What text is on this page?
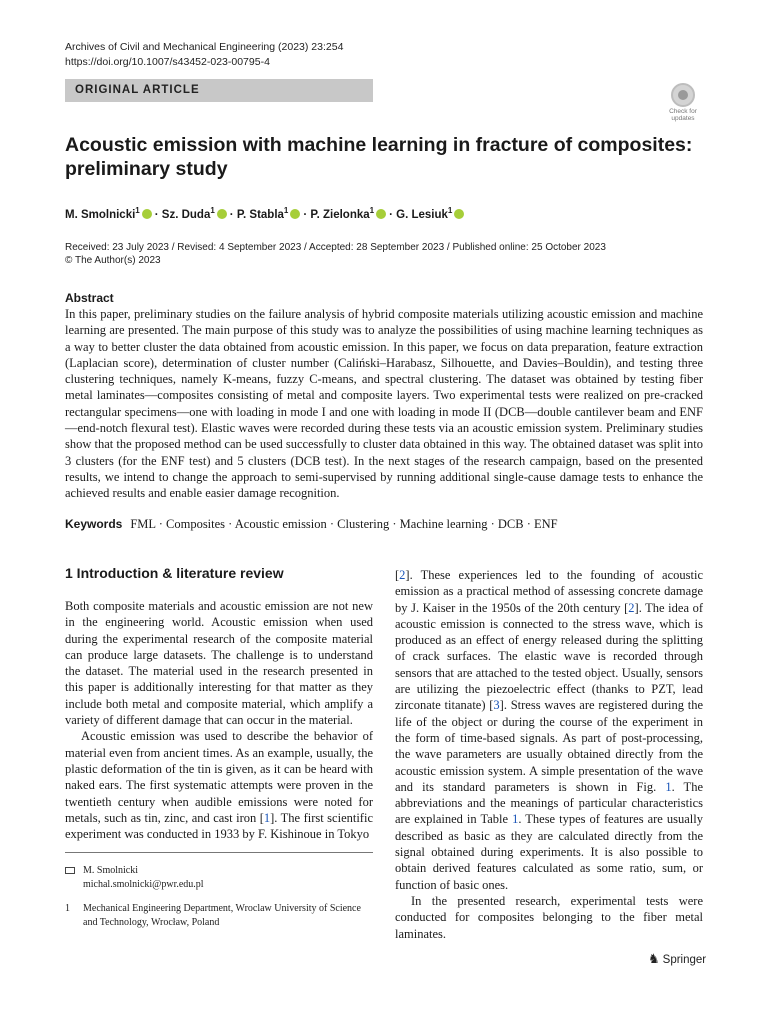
Archives of Civil and Mechanical Engineering (2023) 23:254
https://doi.org/10.1007/s43452-023-00795-4
ORIGINAL ARTICLE
Check for updates
Acoustic emission with machine learning in fracture of composites: preliminary study
M. Smolnicki$^1$ · Sz. Duda$^1$ · P. Stabla$^1$ · P. Zielonka$^1$ · G. Lesiuk$^1$
Received: 23 July 2023 / Revised: 4 September 2023 / Accepted: 28 September 2023 / Published online: 25 October 2023
© The Author(s) 2023
Abstract

In this paper, preliminary studies on the failure analysis of hybrid composite materials utilizing acoustic emission and machine learning are presented. The main purpose of this study was to analyze the possibilities of using machine learning techniques as a way to better cluster the data obtained from acoustic emission. In this paper, we focus on data preparation, feature extraction (Laplacian score), determination of cluster number (Caliński–Harabasz, Silhouette, and Davies–Bouldin), and testing three clustering techniques, namely K-means, fuzzy C-means, and spectral clustering. The dataset was obtained by testing fiber metal laminates—composites consisting of metal and composite layers. Two experimental tests were realized on pre-cracked rectangular specimens—one with loading in mode I and one with loading in mode II (DCB—double cantilever beam and ENF—end-notch flexural test). Elastic waves were recorded during these tests via an acoustic emission system. Preliminary studies show that the proposed method can be used successfully to cluster data obtained in this way. The obtained dataset was split into 3 clusters (for the ENF test) and 5 clusters (DCB test). In the next stages of the research campaign, based on the presented results, we intend to change the approach to semi-supervised by running additional single-cause damage tests to enhance the achieved results and enable easier damage recognition.

Keywords FML · Composites · Acoustic emission · Clustering · Machine learning · DCB · ENF
1 Introduction & literature review

Both composite materials and acoustic emission are not new in the engineering world. Acoustic emission when used during the experimental research of the composite material can produce large datasets. The challenge is to understand the dataset. The material used in the research presented in this paper is additionally interesting for that matter as they include both metal and composite material, which amplify a variety of different damage that can occur in the material.

Acoustic emission was used to describe the behavior of material even from ancient times. As an example, usually, the plastic deformation of the tin is given, as it can be heard with naked ears. The first systematic attempts were proven in the twentieth century when audible emissions were noted for metals, such as tin, zinc, and cast iron [1]. The first scientific experiment was conducted in 1933 by F. Kishinoue in Tokyo

[2]. These experiences led to the founding of acoustic emission as a practical method of assessing concrete damage by J. Kaiser in the 1950s of the 20th century [2]. The idea of acoustic emission is connected to the stress wave, which is produced as an effect of energy released during the splitting of crack surfaces. The elastic wave is recorded through sensors that are attached to the tested object. Usually, sensors are utilizing the piezoelectric effect (thanks to PZT, lead zirconate titanate) [3]. Stress waves are registered during the life of the object or during the course of the experiment in the form of time-based signals. As part of post-processing, the wave parameters are usually obtained directly from the acoustic emission system. A simple presentation of the wave and its standard parameters is shown in Fig. 1. The abbreviations and the meanings of particular characteristics are explained in Table 1. These types of features are usually described as basic as they are calculated directly from the signal obtained during experiments. It is also possible to obtain derived features calculated as some ratio, sum, or function of basic ones.

In the presented research, experimental tests were conducted for composites belonging to the fiber metal laminates.

M. Smolnicki
michal.smolnicki@pwr.edu.pl
1	Mechanical Engineering Department, Wroclaw University of Science and Technology, Wrocław, Poland
♞ Springer
